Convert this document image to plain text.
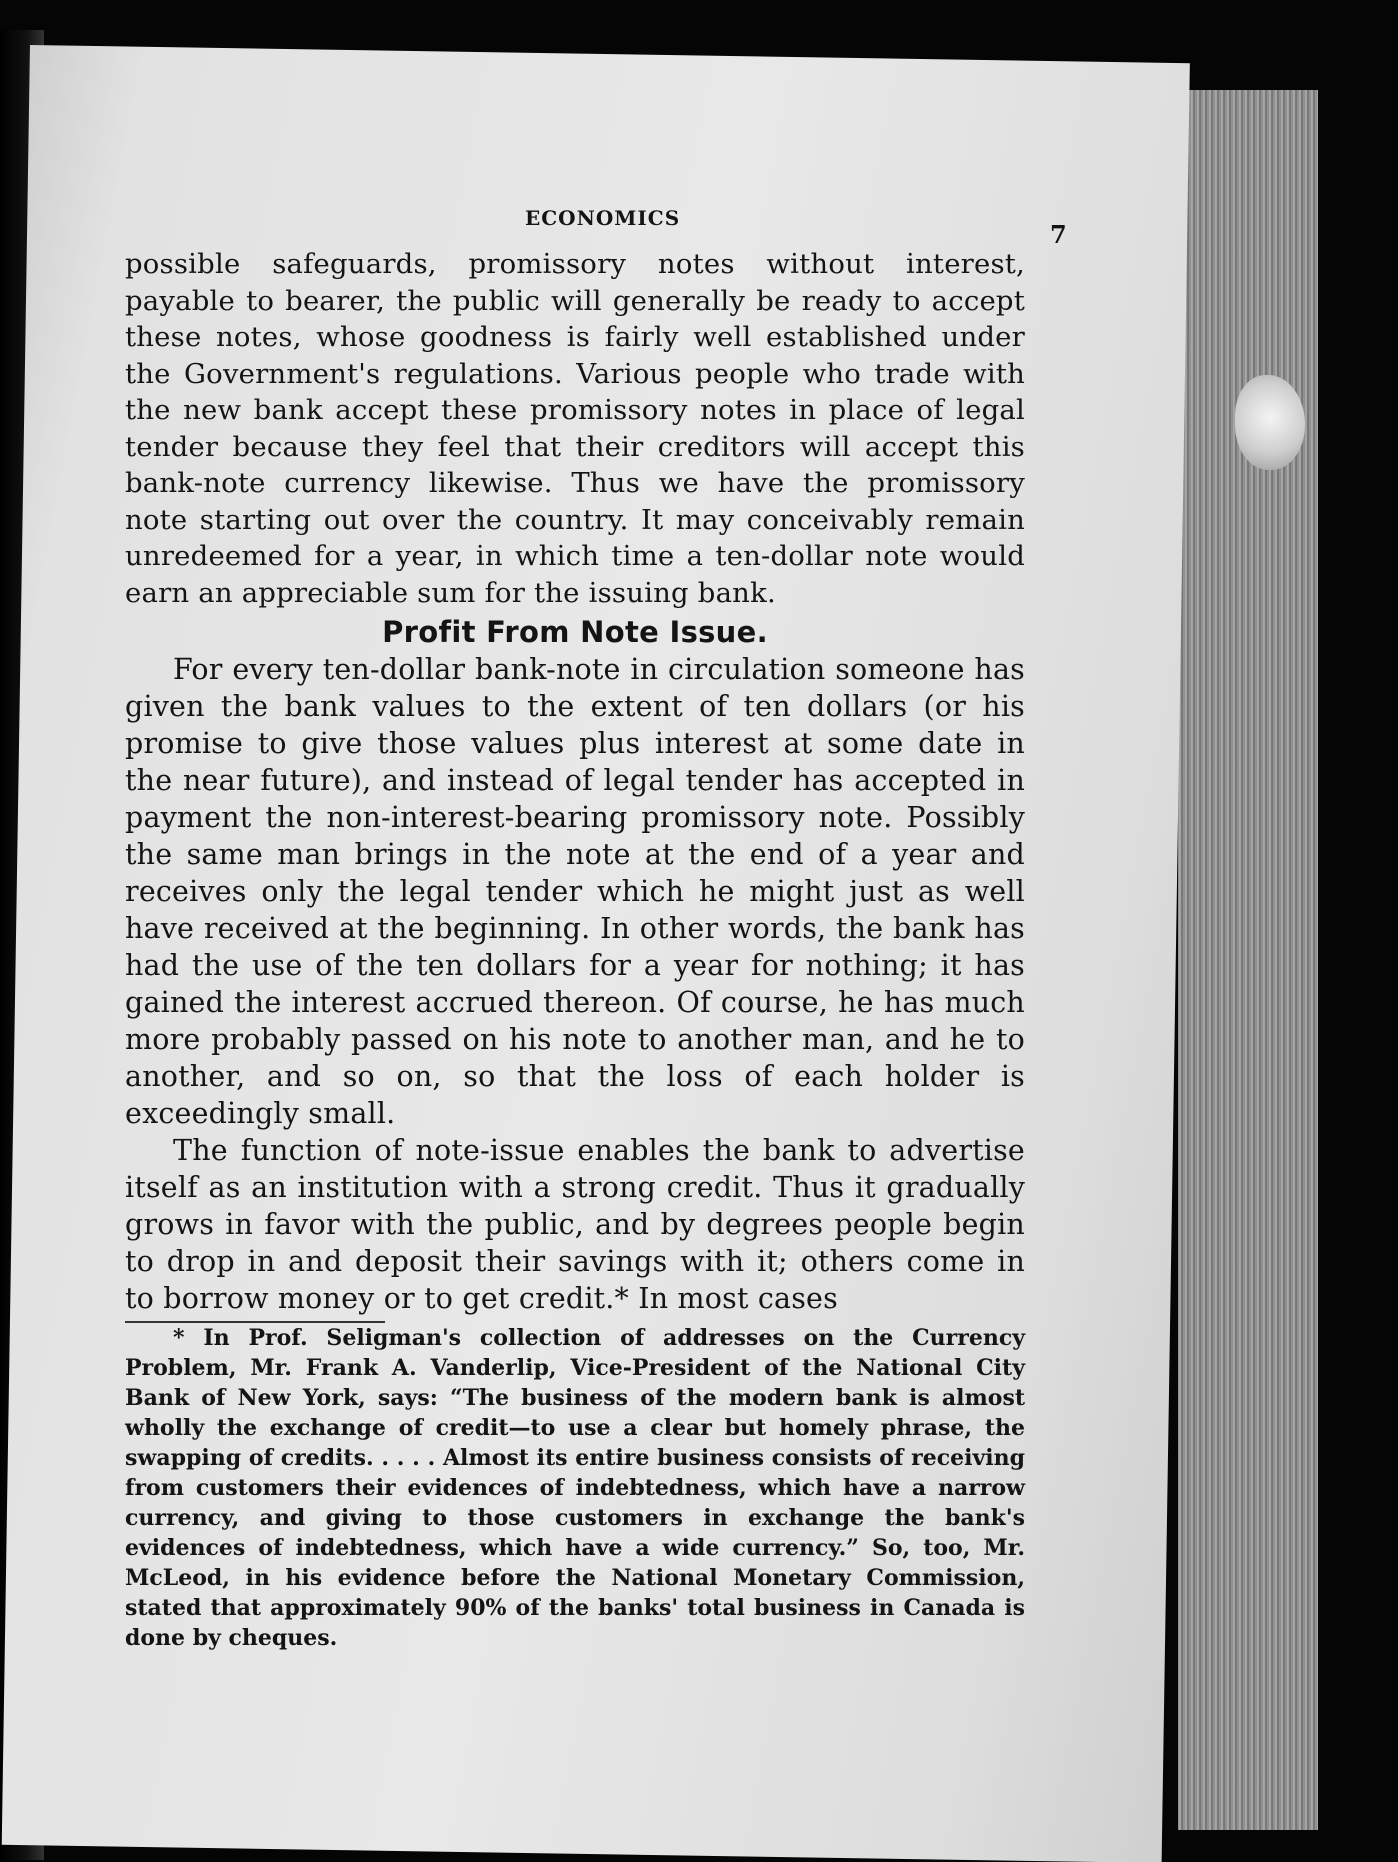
ECONOMICS
7

possible safeguards, promissory notes without interest, payable to bearer, the public will generally be ready to accept these notes, whose goodness is fairly well established under the Government's regulations. Various people who trade with the new bank accept these promissory notes in place of legal tender because they feel that their creditors will accept this bank-note currency likewise. Thus we have the promissory note starting out over the country. It may conceivably remain unredeemed for a year, in which time a ten-dollar note would earn an appreciable sum for the issuing bank.

Profit From Note Issue.

For every ten-dollar bank-note in circulation someone has given the bank values to the extent of ten dollars (or his promise to give those values plus interest at some date in the near future), and instead of legal tender has accepted in payment the non-interest-bearing promissory note. Possibly the same man brings in the note at the end of a year and receives only the legal tender which he might just as well have received at the beginning. In other words, the bank has had the use of the ten dollars for a year for nothing; it has gained the interest accrued thereon. Of course, he has much more probably passed on his note to another man, and he to another, and so on, so that the loss of each holder is exceedingly small.

The function of note-issue enables the bank to advertise itself as an institution with a strong credit. Thus it gradually grows in favor with the public, and by degrees people begin to drop in and deposit their savings with it; others come in to borrow money or to get credit.* In most cases

* In Prof. Seligman's collection of addresses on the Currency Problem, Mr. Frank A. Vanderlip, Vice-President of the National City Bank of New York, says: “The business of the modern bank is almost wholly the exchange of credit—to use a clear but homely phrase, the swapping of credits. . . . . Almost its entire business consists of receiving from customers their evidences of indebtedness, which have a narrow currency, and giving to those customers in exchange the bank's evidences of indebtedness, which have a wide currency.” So, too, Mr. McLeod, in his evidence before the National Monetary Commission, stated that approximately 90% of the banks' total business in Canada is done by cheques.
